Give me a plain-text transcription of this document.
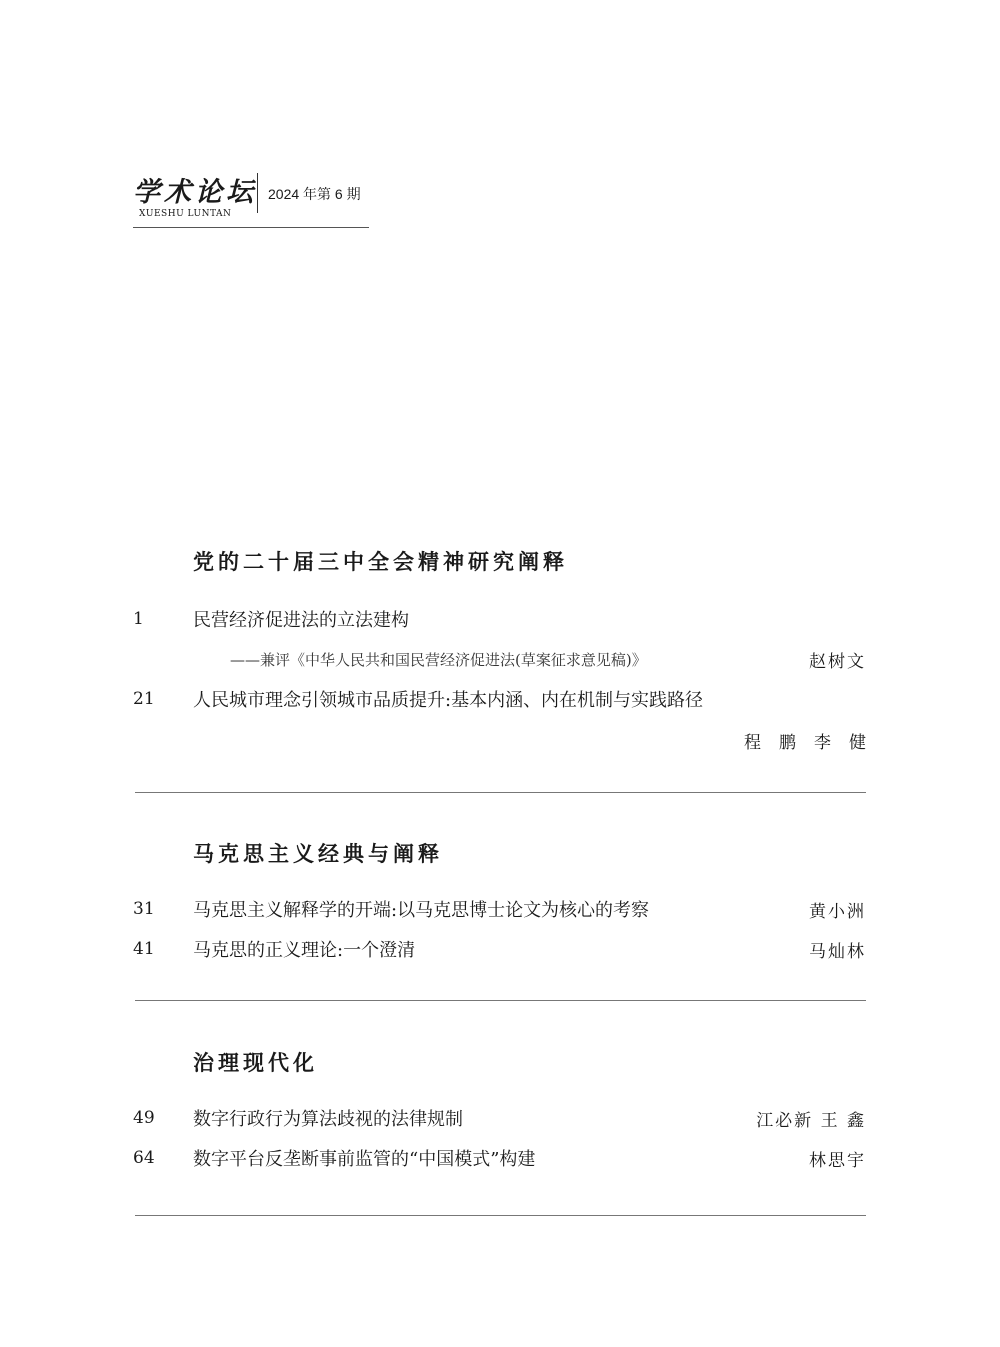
学术论坛
XUESHU LUNTAN
2024 年第 6 期
党的二十届三中全会精神研究阐释
1	民营经济促进法的立法建构
——兼评《中华人民共和国民营经济促进法(草案征求意见稿)》	赵树文
21 人民城市理念引领城市品质提升:基本内涵、内在机制与实践路径
程鹏李健
马克思主义经典与阐释
31 马克思主义解释学的开端:以马克思博士论文为核心的考察	黄小洲
41 马克思的正义理论:一个澄清	马灿林
治理现代化
49 数字行政行为算法歧视的法律规制	江必新 王 鑫
64 数字平台反垄断事前监管的“中国模式”构建	林思宇
